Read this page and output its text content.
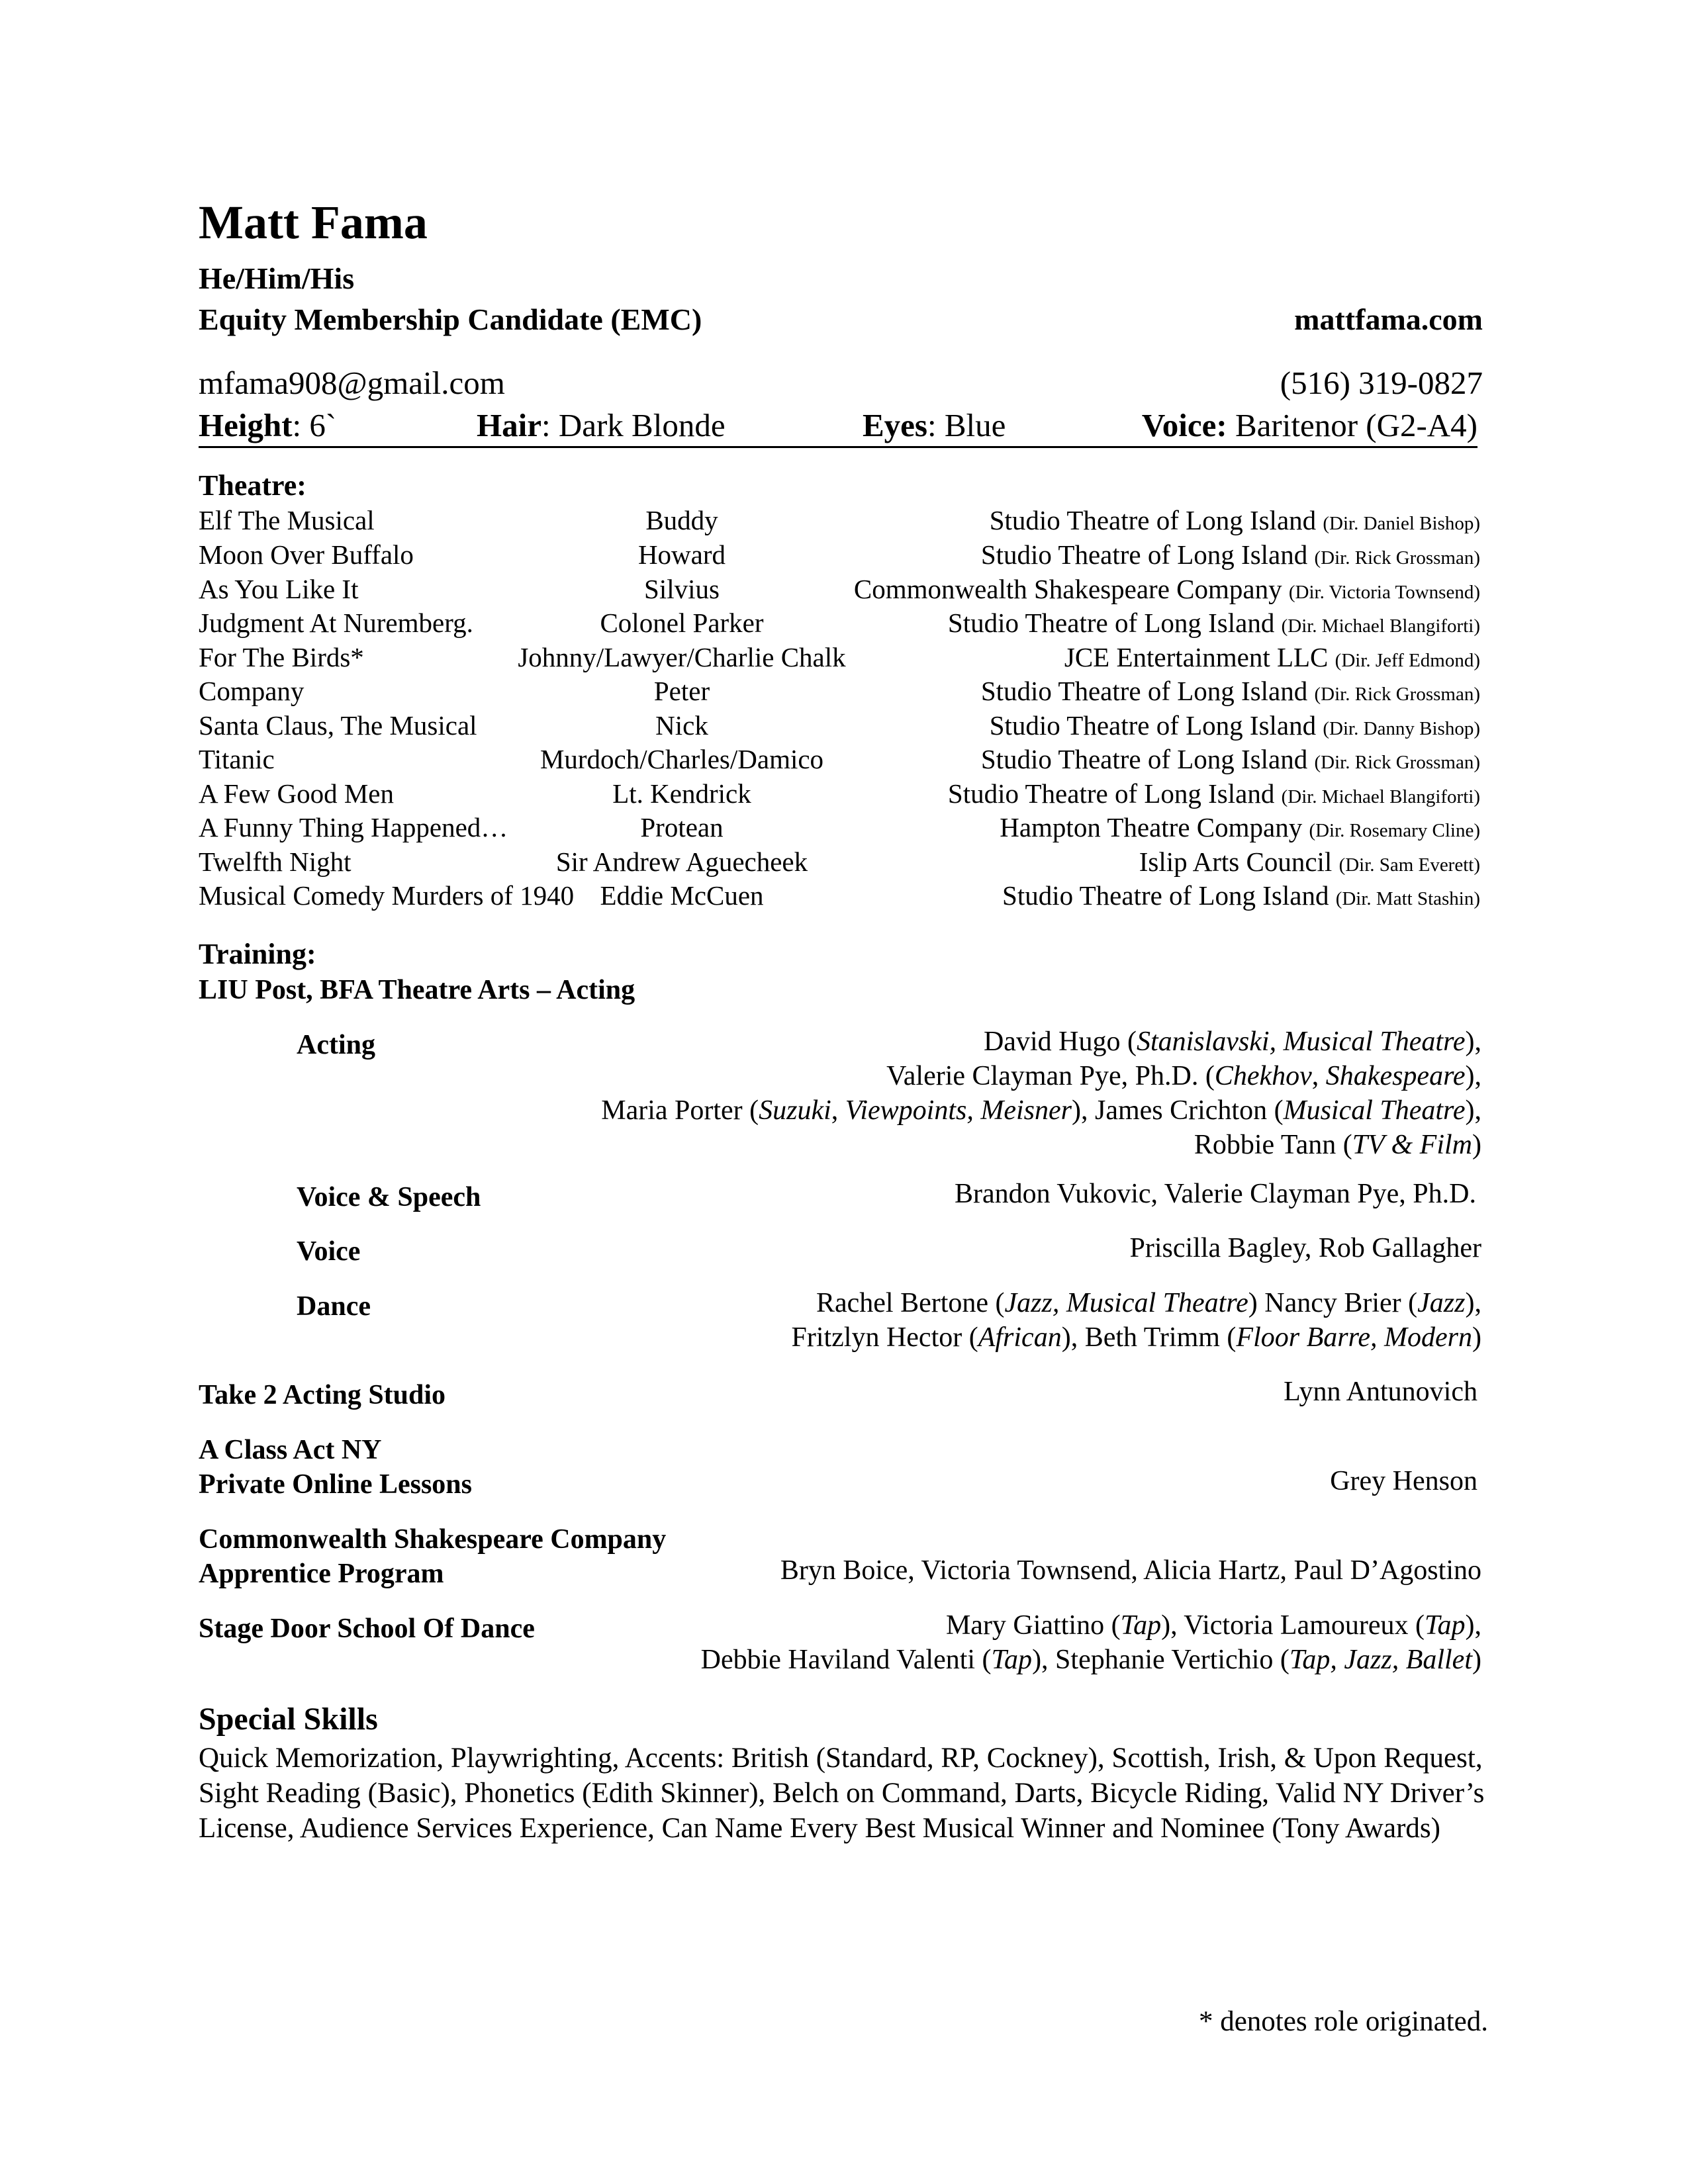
Matt Fama
He/Him/His
Equity Membership Candidate (EMC)	mattfama.com
mfama908@gmail.com	(516) 319-0827
Height: 6`	Hair: Dark Blonde	Eyes: Blue	Voice: Baritenor (G2-A4)
Theatre:
Elf The Musical	Buddy	Studio Theatre of Long Island (Dir. Daniel Bishop)
Moon Over Buffalo	Howard	Studio Theatre of Long Island (Dir. Rick Grossman)
As You Like It	Silvius	Commonwealth Shakespeare Company (Dir. Victoria Townsend)
Judgment At Nuremberg.	Colonel Parker	Studio Theatre of Long Island (Dir. Michael Blangiforti)
For The Birds*	Johnny/Lawyer/Charlie Chalk	JCE Entertainment LLC (Dir. Jeff Edmond)
Company	Peter	Studio Theatre of Long Island (Dir. Rick Grossman)
Santa Claus, The Musical	Nick	Studio Theatre of Long Island (Dir. Danny Bishop)
Titanic	Murdoch/Charles/Damico	Studio Theatre of Long Island (Dir. Rick Grossman)
A Few Good Men	Lt. Kendrick	Studio Theatre of Long Island (Dir. Michael Blangiforti)
A Funny Thing Happened…	Protean	Hampton Theatre Company (Dir. Rosemary Cline)
Twelfth Night	Sir Andrew Aguecheek	Islip Arts Council (Dir. Sam Everett)
Musical Comedy Murders of 1940 Eddie McCuen	Studio Theatre of Long Island (Dir. Matt Stashin)
Training:
LIU Post, BFA Theatre Arts – Acting
Acting	David Hugo (Stanislavski, Musical Theatre),
Valerie Clayman Pye, Ph.D. (Chekhov, Shakespeare),
Maria Porter (Suzuki, Viewpoints, Meisner), James Crichton (Musical Theatre),
Robbie Tann (TV & Film)
Voice & Speech	Brandon Vukovic, Valerie Clayman Pye, Ph.D.
Voice	Priscilla Bagley, Rob Gallagher
Dance	Rachel Bertone (Jazz, Musical Theatre) Nancy Brier (Jazz),
Fritzlyn Hector (African), Beth Trimm (Floor Barre, Modern)
Take 2 Acting Studio	Lynn Antunovich
A Class Act NY
Private Online Lessons	Grey Henson
Commonwealth Shakespeare Company
Apprentice Program	Bryn Boice, Victoria Townsend, Alicia Hartz, Paul D’Agostino
Stage Door School Of Dance	Mary Giattino (Tap), Victoria Lamoureux (Tap),
Debbie Haviland Valenti (Tap), Stephanie Vertichio (Tap, Jazz, Ballet)
Special Skills
Quick Memorization, Playwrighting, Accents: British (Standard, RP, Cockney), Scottish, Irish, & Upon Request, Sight Reading (Basic), Phonetics (Edith Skinner), Belch on Command, Darts, Bicycle Riding, Valid NY Driver’s License, Audience Services Experience, Can Name Every Best Musical Winner and Nominee (Tony Awards)
* denotes role originated.
